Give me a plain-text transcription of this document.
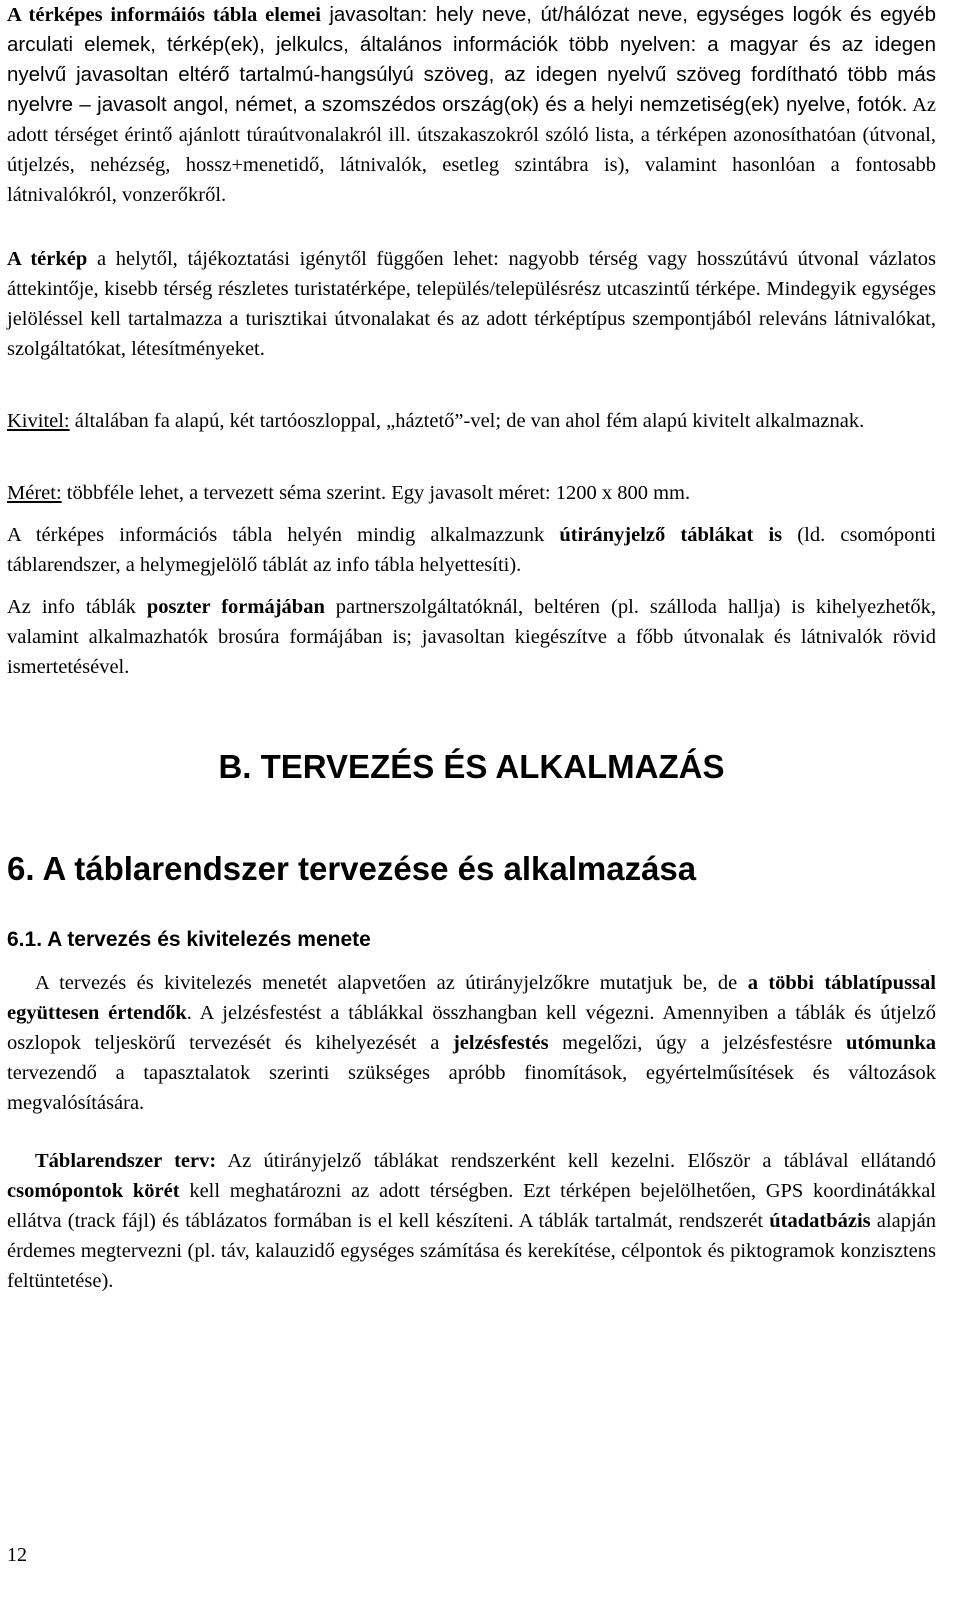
A térképes informáiós tábla elemei javasoltan: hely neve, út/hálózat neve, egységes logók és egyéb arculati elemek, térkép(ek), jelkulcs, általános információk több nyelven: a magyar és az idegen nyelvű javasoltan eltérő tartalmú-hangsúlyú szöveg, az idegen nyelvű szöveg fordítható több más nyelvre – javasolt angol, német, a szomszédos ország(ok) és a helyi nemzetiség(ek) nyelve, fotók. Az adott térséget érintő ajánlott túraútvonalakról ill. útszakaszokról szóló lista, a térképen azonosíthatóan (útvonal, útjelzés, nehézség, hossz+menetidő, látnivalók, esetleg szintábra is), valamint hasonlóan a fontosabb látnivalókról, vonzerőkről.

A térkép a helytől, tájékoztatási igénytől függően lehet: nagyobb térség vagy hosszútávú útvonal vázlatos áttekintője, kisebb térség részletes turistatérképe, település/településrész utcaszintű térképe. Mindegyik egységes jelöléssel kell tartalmazza a turisztikai útvonalakat és az adott térképtípus szempontjából releváns látnivalókat, szolgáltatókat, létesítményeket.

Kivitel: általában fa alapú, két tartóoszloppal, „háztető”-vel; de van ahol fém alapú kivitelt alkalmaznak.

Méret: többféle lehet, a tervezett séma szerint. Egy javasolt méret: 1200 x 800 mm.

A térképes információs tábla helyén mindig alkalmazzunk útirányjelző táblákat is (ld. csomóponti táblarendszer, a helymegjelölő táblát az info tábla helyettesíti).

Az info táblák poszter formájában partnerszolgáltatóknál, beltéren (pl. szálloda hallja) is kihelyezhetők, valamint alkalmazhatók brosúra formájában is; javasoltan kiegészítve a főbb útvonalak és látnivalók rövid ismertetésével.

B. TERVEZÉS ÉS ALKALMAZÁS
6. A táblarendszer tervezése és alkalmazása
6.1. A tervezés és kivitelezés menete

A tervezés és kivitelezés menetét alapvetően az útirányjelzőkre mutatjuk be, de a többi táblatípussal együttesen értendők. A jelzésfestést a táblákkal összhangban kell végezni. Amennyiben a táblák és útjelző oszlopok teljeskörű tervezését és kihelyezését a jelzésfestés megelőzi, úgy a jelzésfestésre utómunka tervezendő a tapasztalatok szerinti szükséges apróbb finomítások, egyértelműsítések és változások megvalósítására.

Táblarendszer terv: Az útirányjelző táblákat rendszerként kell kezelni. Először a táblával ellátandó csomópontok körét kell meghatározni az adott térségben. Ezt térképen bejelölhetően, GPS koordinátákkal ellátva (track fájl) és táblázatos formában is el kell készíteni. A táblák tartalmát, rendszerét útadatbázis alapján érdemes megtervezni (pl. táv, kalauzidő egységes számítása és kerekítése, célpontok és piktogramok konzisztens feltüntetése).

12
